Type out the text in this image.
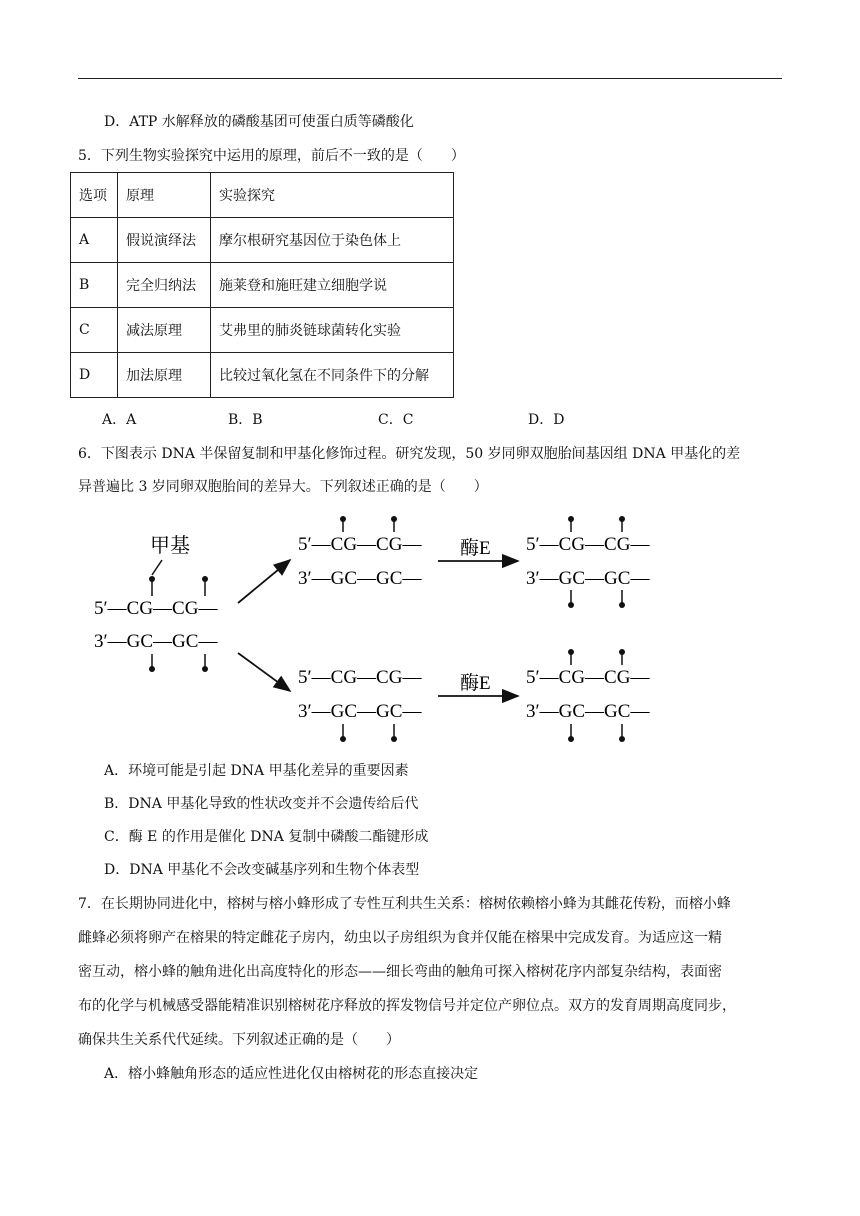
D．ATP 水解释放的磷酸基团可使蛋白质等磷酸化
5．下列生物实验探究中运用的原理，前后不一致的是（　　）
选项	原理	实验探究
A	假说演绎法	摩尔根研究基因位于染色体上
B	完全归纳法	施莱登和施旺建立细胞学说
C	减法原理	艾弗里的肺炎链球菌转化实验
D	加法原理	比较过氧化氢在不同条件下的分解
A．A	B．B	C．C	D．D
6．下图表示 DNA 半保留复制和甲基化修饰过程。研究发现，50 岁同卵双胞胎间基因组 DNA 甲基化的差
异普遍比 3 岁同卵双胞胎间的差异大。下列叙述正确的是（　　）
甲基
5′—CG—CG—
3′—GC—GC—
5′—CG—CG—
3′—GC—GC—
5′—CG—CG—
3′—GC—GC—
酶E
酶E
5′—CG—CG—
3′—GC—GC—
5′—CG—CG—
3′—GC—GC—
A．环境可能是引起 DNA 甲基化差异的重要因素
B．DNA 甲基化导致的性状改变并不会遗传给后代
C．酶 E 的作用是催化 DNA 复制中磷酸二酯键形成
D．DNA 甲基化不会改变碱基序列和生物个体表型
7．在长期协同进化中，榕树与榕小蜂形成了专性互利共生关系：榕树依赖榕小蜂为其雌花传粉，而榕小蜂
雌蜂必须将卵产在榕果的特定雌花子房内，幼虫以子房组织为食并仅能在榕果中完成发育。为适应这一精
密互动，榕小蜂的触角进化出高度特化的形态——细长弯曲的触角可探入榕树花序内部复杂结构，表面密
布的化学与机械感受器能精准识别榕树花序释放的挥发物信号并定位产卵位点。双方的发育周期高度同步，
确保共生关系代代延续。下列叙述正确的是（　　）
A．榕小蜂触角形态的适应性进化仅由榕树花的形态直接决定
